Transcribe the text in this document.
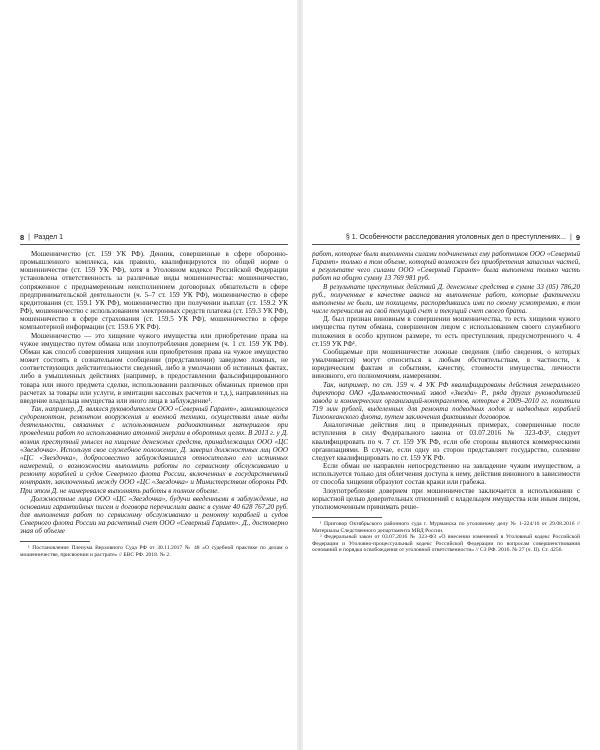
8 | Раздел 1

Мошенничество (ст. 159 УК РФ). Денник, совершенные в сфере оборонно-промышленного комплекса, как правило, квалифицируются по общей норме о мошенничестве (ст. 159 УК РФ), хотя в Уголовном кодексе Российской Федерации установлена ответственность за различные виды мошенничества: мошенничество, сопряженное с преднамеренным неисполнением договорных обязательств в сфере предпринимательской деятельности (ч. 5–7 ст. 159 УК РФ), мошенничество в сфере кредитования (ст. 159.1 УК РФ), мошенничество при получении выплат (ст. 159.2 УК РФ), мошенничество с использованием электронных средств платежа (ст. 159.3 УК РФ), мошенничество в сфере страхования (ст. 159.5 УК РФ), мошенничество в сфере компьютерной информации (ст. 159.6 УК РФ).

Мошенничество — это хищение чужого имущества или приобретение права на чужое имущество путем обмана или злоупотребления доверием (ч. 1 ст. 159 УК РФ). Обман как способ совершения хищения или приобретения права на чужое имущество может состоять в сознательном сообщении (представлении) заведомо ложных, не соответствующих действительности сведений, либо в умолчании об истинных фактах, либо в умышленных действиях (например, в предоставлении фальсифицированного товара или иного предмета сделки, использовании различных обманных приемов при расчетах за товары или услуги, в имитации кассовых расчетов и т.д.), направленных на введение владельца имущества или иного лица в заблуждение¹.

Так, например, Д. являлся руководителем ООО «Северный Гарант», занимающегося судоремонтом, ремонтом вооружения и военной техники, осуществлял иные виды деятельности, связанных с использованием радиоактивных материалов при проведении работ по использованию атомной энергии в оборотных целях. В 2013 г. у Д. возник преступный умысел на хищение денежных средств, принадлежащих ООО «ЦС «Звездочка». Используя свое служебное положение, Д. заверил должностных лиц ООО «ЦС «Звездочка», добросовестно заблуждавшихся относительно его истинных намерений, о возможности выполнить работы по сервисному обслуживанию и ремонту кораблей и судов Северного флота России, включенных в государственный контракт, заключенный между ООО «ЦС «Звездочка» и Министерством обороны РФ. При этом Д. не намеревался выполнять работы в полном объеме.

Должностные лица ООО «ЦС «Звездочка», будучи введенными в заблуждение, на основании гарантийных писем и договора перечислили аванс в сумме 40 628 767,20 руб. для выполнения работ по сервисному обслуживанию и ремонту кораблей и судов Северного флота России на расчетный счет ООО «Северный Гарант». Д., достоверно зная об объеме

¹ Постановление Пленума Верховного Суда РФ от 30.11.2017 № 48 «О судебной практике по делам о мошенничестве, присвоении и растрате» // БВС РФ. 2018. № 2.

§ 1. Особенности расследования уголовных дел о преступлениях... | 9

работ, которые были выполнены силами подчиненных ему работников ООО «Северный Гарант» только в том объеме, который возможен без приобретения запасных частей, в результате чего силами ООО «Северный Гарант» была выполнена только часть работ на общую сумму 13 769 981 руб.

В результате преступных действий Д. денежные средства в сумме 33 (05) 786,20 руб., полученные в качестве аванса на выполнение работ, которые фактически выполнены не были, им похищены, распорядившись ими по своему усмотрению, в том числе перечислив на свой текущий счет и текущий счет своего брата.

Д. был признан виновным в совершении мошенничества, то есть хищения чужого имущества путем обмана, совершенном лицом с использованием своего служебного положения в особо крупном размере, то есть преступления, предусмотренного ч. 4 ст.159 УК РФ¹.

Сообщаемые при мошенничестве ложные сведения (либо сведения, о которых умалчивается) могут относиться к любым обстоятельствам, в частности, к юридическим фактам и событиям, качеству, стоимости имущества, личности виновного, его полномочиям, намерениям.

Так, например, по ст. 159 ч. 4 УК РФ квалифицированы действия генерального директора ОАО «Дальневосточный завод «Звезда» Р., ряда других руководителей завода и коммерческих организаций-контрагентов, которые в 2009–2010 гг. похитили 719 млн рублей, выделенных для ремонта подводных лодок и надводных кораблей Тихоокеанского флота, путем заключения фиктивных договоров.

Аналогичные действия лиц в приведенных примерах, совершенные после вступления в силу Федерального закона от 03.07.2016 № 323-ФЗ², следует квалифицировать по ч. 7 ст. 159 УК РФ, если обе стороны являются коммерческими организациями. В случае, если одну из сторон представляет государство, солеяние следует квалифицировать по ст. 159 УК РФ.

Если обман не направлен непосредственно на завладение чужим имуществом, а используется только для облегчения доступа к нему, действия виновного в зависимости от способа хищения образуют состав кражи или грабежа.

Злоупотребление доверием при мошенничестве заключается в использовании с корыстной целью доверительных отношений с владельцем имущества или иным лицом, уполномоченным принимать реше-

¹ Приговор Октябрьского районного суда г. Мурманска по уголовному делу № 1-224/16 от 29.08.2016 // Материалы Следственного департамента МВД России.

² Федеральный закон от 03.07.2016 № 323-ФЗ «О внесении изменений в Уголовный кодекс Российской Федерации и Уголовно-процессуальный кодекс Российской Федерации по вопросам совершенствования оснований и порядка освобождения от уголовной ответственности» // СЗ РФ. 2016. № 27 (ч. II). Ст. 4256.
